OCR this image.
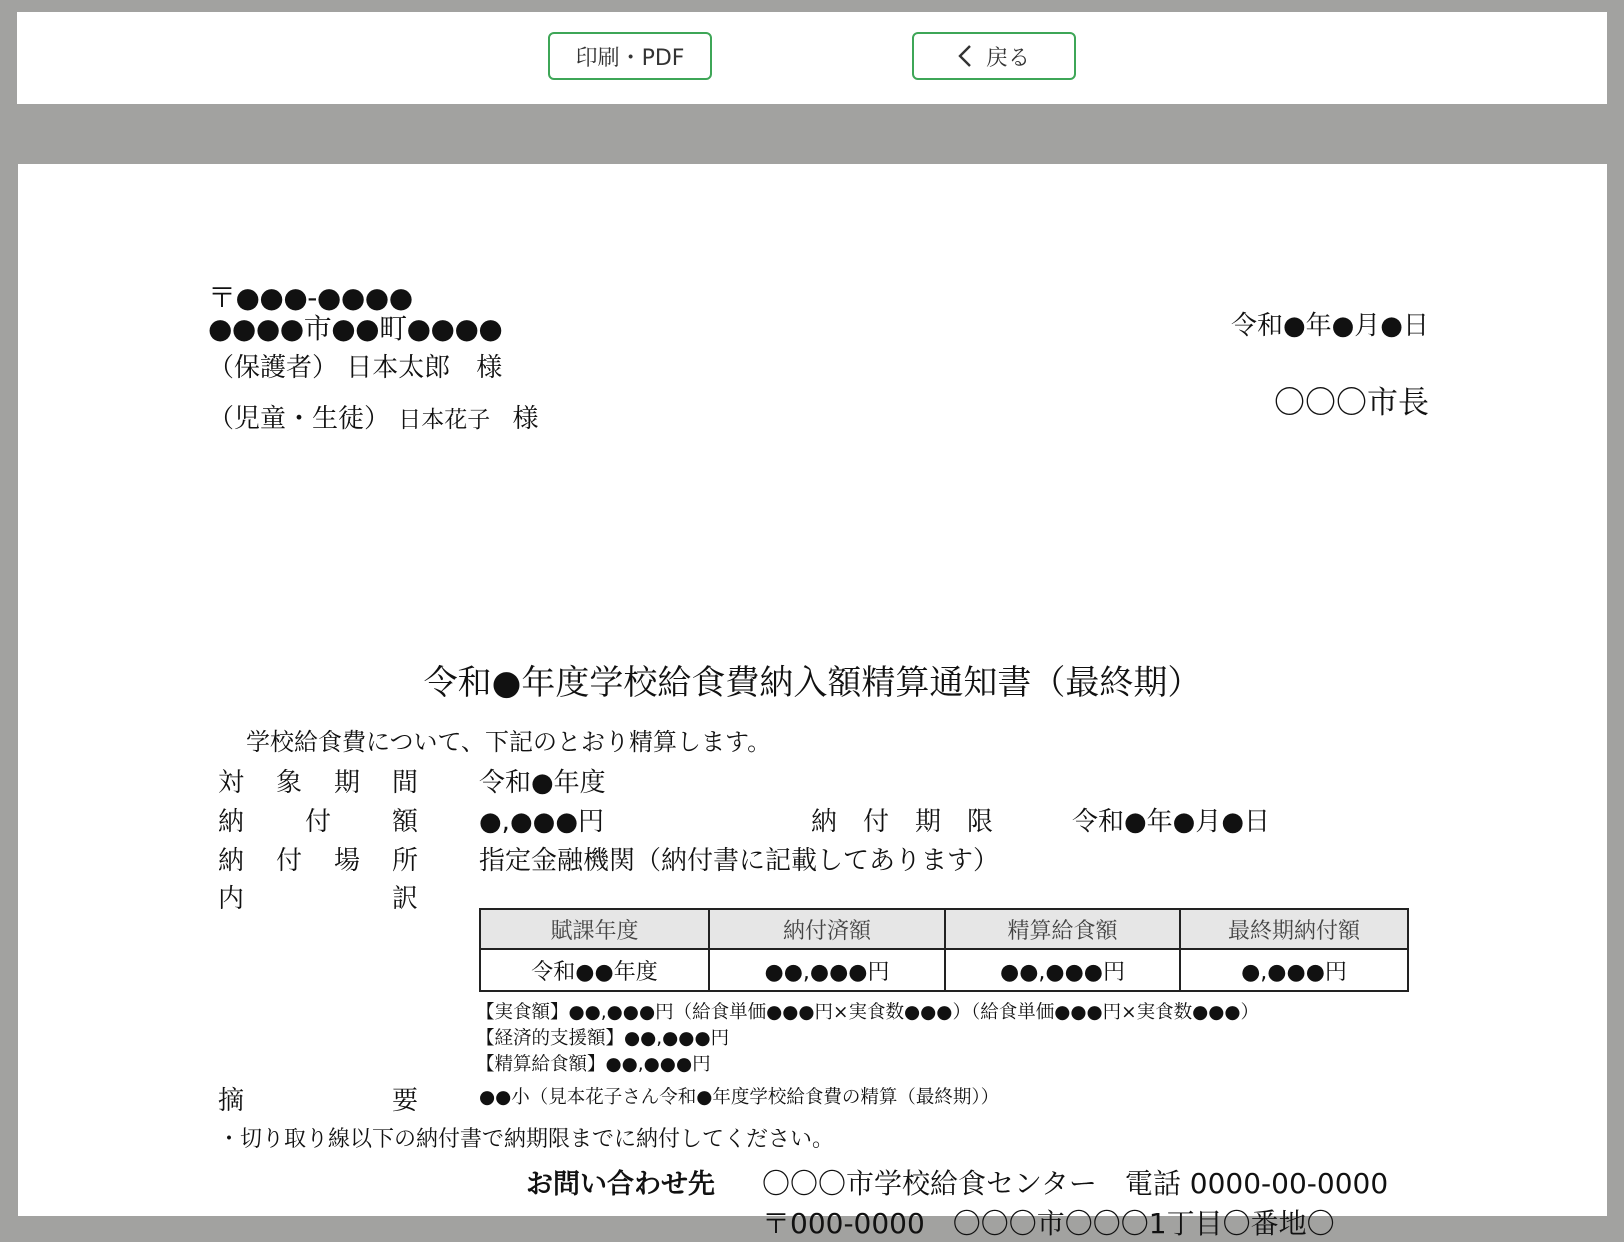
印刷・PDF	戻る
〒●●●-●●●●
●●●●市●●町●●●●
（保護者） 日本太郎　様
（児童・生徒） 日本花子 様
令和●年●月●日
〇〇〇市長
令和●年度学校給食費納入額精算通知書（最終期）
学校給食費について、下記のとおり精算します。
対 象 期 間 令和●年度
納 付 額 ●,●●●円	納　付　期　限	令和●年●月●日
納 付 場 所 指定金融機関（納付書に記載してあります）
内	訳
賦課年度	納付済額	精算給食額	最終期納付額
令和●●年度	●●,●●●円	●●,●●●円	●,●●●円
【実食額】●●,●●●円（給食単価●●●円×実食数●●●）（給食単価●●●円×実食数●●●）
【経済的支援額】●●,●●●円
【精算給食額】●●,●●●円
摘	要	●●小（見本花子さん令和●年度学校給食費の精算（最終期））
・切り取り線以下の納付書で納期限までに納付してください。
お問い合わせ先 〇〇〇市学校給食センター　電話 0000-00-0000
〒000-0000　〇〇〇市〇〇〇1丁目〇番地〇
